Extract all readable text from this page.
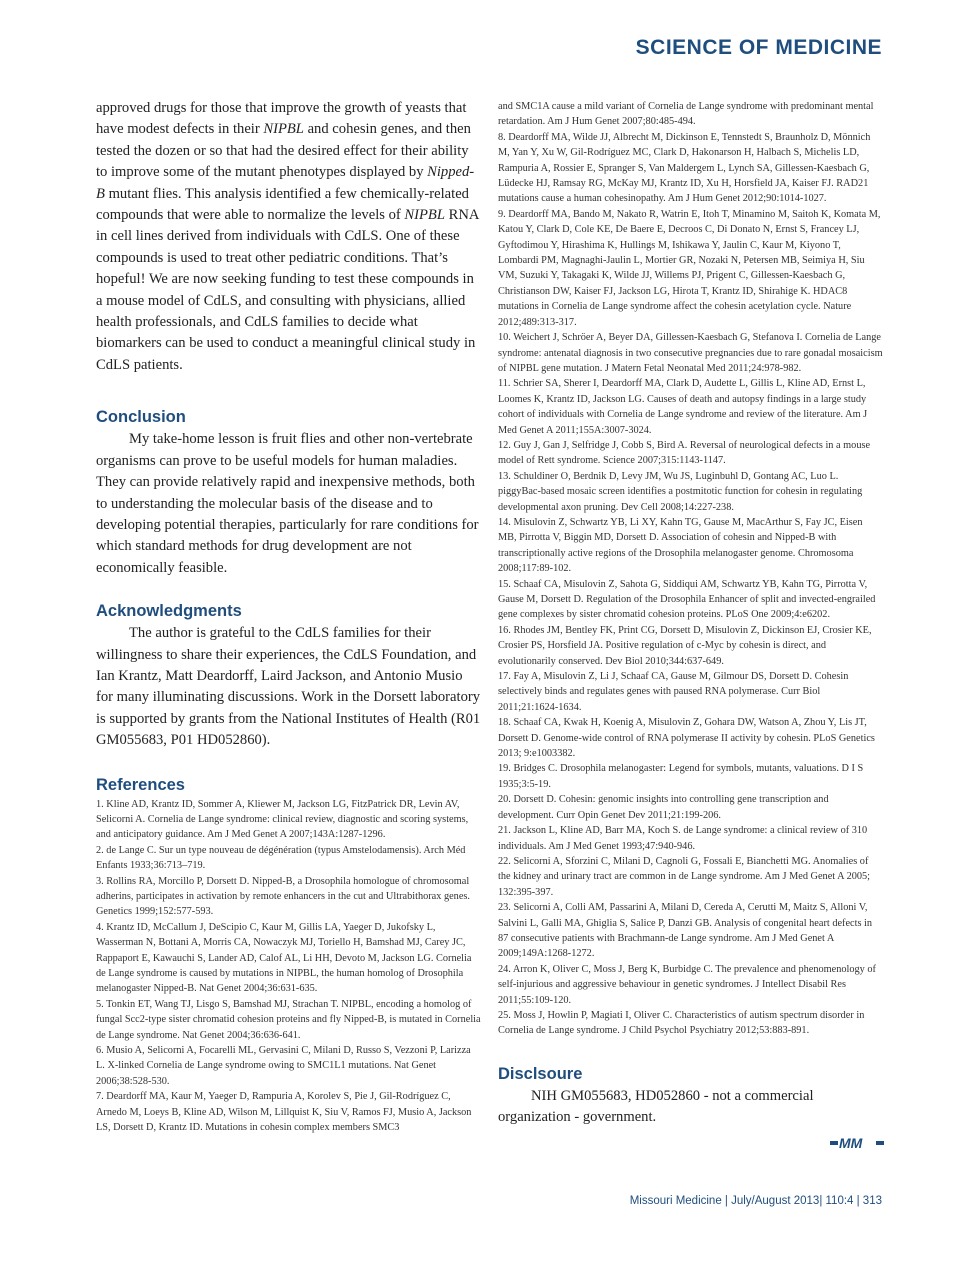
SCIENCE OF MEDICINE

approved drugs for those that improve the growth of yeasts that have modest defects in their NIPBL and cohesin genes, and then tested the dozen or so that had the desired effect for their ability to improve some of the mutant phenotypes displayed by Nipped-B mutant flies. This analysis identified a few chemically-related compounds that were able to normalize the levels of NIPBL RNA in cell lines derived from individuals with CdLS. One of these compounds is used to treat other pediatric conditions. That’s hopeful! We are now seeking funding to test these compounds in a mouse model of CdLS, and consulting with physicians, allied health professionals, and CdLS families to decide what biomarkers can be used to conduct a meaningful clinical study in CdLS patients.

Conclusion

My take-home lesson is fruit flies and other non-vertebrate organisms can prove to be useful models for human maladies. They can provide relatively rapid and inexpensive methods, both to understanding the molecular basis of the disease and to developing potential therapies, particularly for rare conditions for which standard methods for drug development are not economically feasible.

Acknowledgments

The author is grateful to the CdLS families for their willingness to share their experiences, the CdLS Foundation, and Ian Krantz, Matt Deardorff, Laird Jackson, and Antonio Musio for many illuminating discussions. Work in the Dorsett laboratory is supported by grants from the National Institutes of Health (R01 GM055683, P01 HD052860).

References
1. Kline AD, Krantz ID, Sommer A, Kliewer M, Jackson LG, FitzPatrick DR, Levin AV, Selicorni A. Cornelia de Lange syndrome: clinical review, diagnostic and scoring systems, and anticipatory guidance. Am J Med Genet A 2007;143A:1287-1296.
2. de Lange C. Sur un type nouveau de dégénération (typus Amstelodamensis). Arch Méd Enfants 1933;36:713–719.
3. Rollins RA, Morcillo P, Dorsett D. Nipped-B, a Drosophila homologue of chromosomal adherins, participates in activation by remote enhancers in the cut and Ultrabithorax genes.
Genetics 1999;152:577-593.
4. Krantz ID, McCallum J, DeScipio C, Kaur M, Gillis LA, Yaeger D, Jukofsky L, Wasserman N, Bottani A, Morris CA, Nowaczyk MJ, Toriello H, Bamshad MJ, Carey JC, Rappaport E, Kawauchi S, Lander AD, Calof AL, Li HH, Devoto M, Jackson LG. Cornelia de Lange syndrome is caused by mutations in NIPBL, the human homolog of Drosophila melanogaster Nipped-B. Nat Genet 2004;36:631-635.
5. Tonkin ET, Wang TJ, Lisgo S, Bamshad MJ, Strachan T. NIPBL, encoding a homolog of fungal Scc2-type sister chromatid cohesion proteins and fly Nipped-B, is mutated in Cornelia de Lange syndrome. Nat Genet 2004;36:636-641.
6. Musio A, Selicorni A, Focarelli ML, Gervasini C, Milani D, Russo S, Vezzoni P, Larizza L. X-linked Cornelia de Lange syndrome owing to SMC1L1 mutations. Nat Genet 2006;38:528-530.
7. Deardorff MA, Kaur M, Yaeger D, Rampuria A, Korolev S, Pie J, Gil-Rodríguez C, Arnedo M, Loeys B, Kline AD, Wilson M, Lillquist K, Siu V, Ramos FJ, Musio A, Jackson LS, Dorsett D, Krantz ID. Mutations in cohesin complex members SMC3
and SMC1A cause a mild variant of Cornelia de Lange syndrome with predominant mental retardation. Am J Hum Genet 2007;80:485-494.
8. Deardorff MA, Wilde JJ, Albrecht M, Dickinson E, Tennstedt S, Braunholz D, Mönnich M, Yan Y, Xu W, Gil-Rodríguez MC, Clark D, Hakonarson H, Halbach S, Michelis LD, Rampuria A, Rossier E, Spranger S, Van Maldergem L, Lynch SA, Gillessen-Kaesbach G, Lüdecke HJ, Ramsay RG, McKay MJ, Krantz ID, Xu H, Horsfield JA, Kaiser FJ. RAD21 mutations cause a human cohesinopathy. Am J Hum Genet 2012;90:1014-1027.
9. Deardorff MA, Bando M, Nakato R, Watrin E, Itoh T, Minamino M, Saitoh K, Komata M, Katou Y, Clark D, Cole KE, De Baere E, Decroos C, Di Donato N, Ernst S, Francey LJ, Gyftodimou Y, Hirashima K, Hullings M, Ishikawa Y, Jaulin C, Kaur M, Kiyono T, Lombardi PM, Magnaghi-Jaulin L, Mortier GR, Nozaki N, Petersen MB, Seimiya H, Siu VM, Suzuki Y, Takagaki K, Wilde JJ, Willems PJ, Prigent C, Gillessen-Kaesbach G, Christianson DW, Kaiser FJ, Jackson LG, Hirota T, Krantz ID, Shirahige K. HDAC8 mutations in Cornelia de Lange syndrome affect the cohesin acetylation cycle. Nature 2012;489:313-317.
10. Weichert J, Schröer A, Beyer DA, Gillessen-Kaesbach G, Stefanova I. Cornelia de Lange syndrome: antenatal diagnosis in two consecutive pregnancies due to rare gonadal mosaicism of NIPBL gene mutation. J Matern Fetal Neonatal Med 2011;24:978-982.
11. Schrier SA, Sherer I, Deardorff MA, Clark D, Audette L, Gillis L, Kline AD, Ernst L, Loomes K, Krantz ID, Jackson LG. Causes of death and autopsy findings in a large study cohort of individuals with Cornelia de Lange syndrome and review of the literature. Am J Med Genet A 2011;155A:3007-3024.
12. Guy J, Gan J, Selfridge J, Cobb S, Bird A. Reversal of neurological defects in a mouse model of Rett syndrome. Science 2007;315:1143-1147.
13. Schuldiner O, Berdnik D, Levy JM, Wu JS, Luginbuhl D, Gontang AC, Luo L. piggyBac-based mosaic screen identifies a postmitotic function for cohesin in regulating developmental axon pruning. Dev Cell 2008;14:227-238.
14. Misulovin Z, Schwartz YB, Li XY, Kahn TG, Gause M, MacArthur S, Fay JC, Eisen MB, Pirrotta V, Biggin MD, Dorsett D. Association of cohesin and Nipped-B with transcriptionally active regions of the Drosophila melanogaster genome. Chromosoma 2008;117:89-102.
15. Schaaf CA, Misulovin Z, Sahota G, Siddiqui AM, Schwartz YB, Kahn TG, Pirrotta V, Gause M, Dorsett D. Regulation of the Drosophila Enhancer of split and invected-engrailed gene complexes by sister chromatid cohesion proteins. PLoS One 2009;4:e6202.
16. Rhodes JM, Bentley FK, Print CG, Dorsett D, Misulovin Z, Dickinson EJ, Crosier KE, Crosier PS, Horsfield JA. Positive regulation of c-Myc by cohesin is direct, and evolutionarily conserved. Dev Biol 2010;344:637-649.
17. Fay A, Misulovin Z, Li J, Schaaf CA, Gause M, Gilmour DS, Dorsett D. Cohesin selectively binds and regulates genes with paused RNA polymerase. Curr Biol 2011;21:1624-1634.
18. Schaaf CA, Kwak H, Koenig A, Misulovin Z, Gohara DW, Watson A, Zhou Y, Lis JT, Dorsett D. Genome-wide control of RNA polymerase II activity by cohesin. PLoS Genetics 2013; 9:e1003382.
19. Bridges C. Drosophila melanogaster: Legend for symbols, mutants, valuations. D I S 1935;3:5-19.
20. Dorsett D. Cohesin: genomic insights into controlling gene transcription and development. Curr Opin Genet Dev 2011;21:199-206.
21. Jackson L, Kline AD, Barr MA, Koch S. de Lange syndrome: a clinical review of 310 individuals. Am J Med Genet 1993;47:940-946.
22. Selicorni A, Sforzini C, Milani D, Cagnoli G, Fossali E, Bianchetti MG. Anomalies of the kidney and urinary tract are common in de Lange syndrome. Am J Med Genet A 2005; 132:395-397.
23. Selicorni A, Colli AM, Passarini A, Milani D, Cereda A, Cerutti M, Maitz S, Alloni V, Salvini L, Galli MA, Ghiglia S, Salice P, Danzi GB. Analysis of congenital heart defects in 87 consecutive patients with Brachmann-de Lange syndrome. Am J Med Genet A 2009;149A:1268-1272.
24. Arron K, Oliver C, Moss J, Berg K, Burbidge C. The prevalence and phenomenology of self-injurious and aggressive behaviour in genetic syndromes. J Intellect Disabil Res 2011;55:109-120.
25. Moss J, Howlin P, Magiati I, Oliver C. Characteristics of autism spectrum disorder in Cornelia de Lange syndrome. J Child Psychol Psychiatry 2012;53:883-891.
Disclsoure

NIH GM055683, HD052860 - not a commercial organization - government.

MM
Missouri Medicine | July/August 2013| 110:4 | 313
